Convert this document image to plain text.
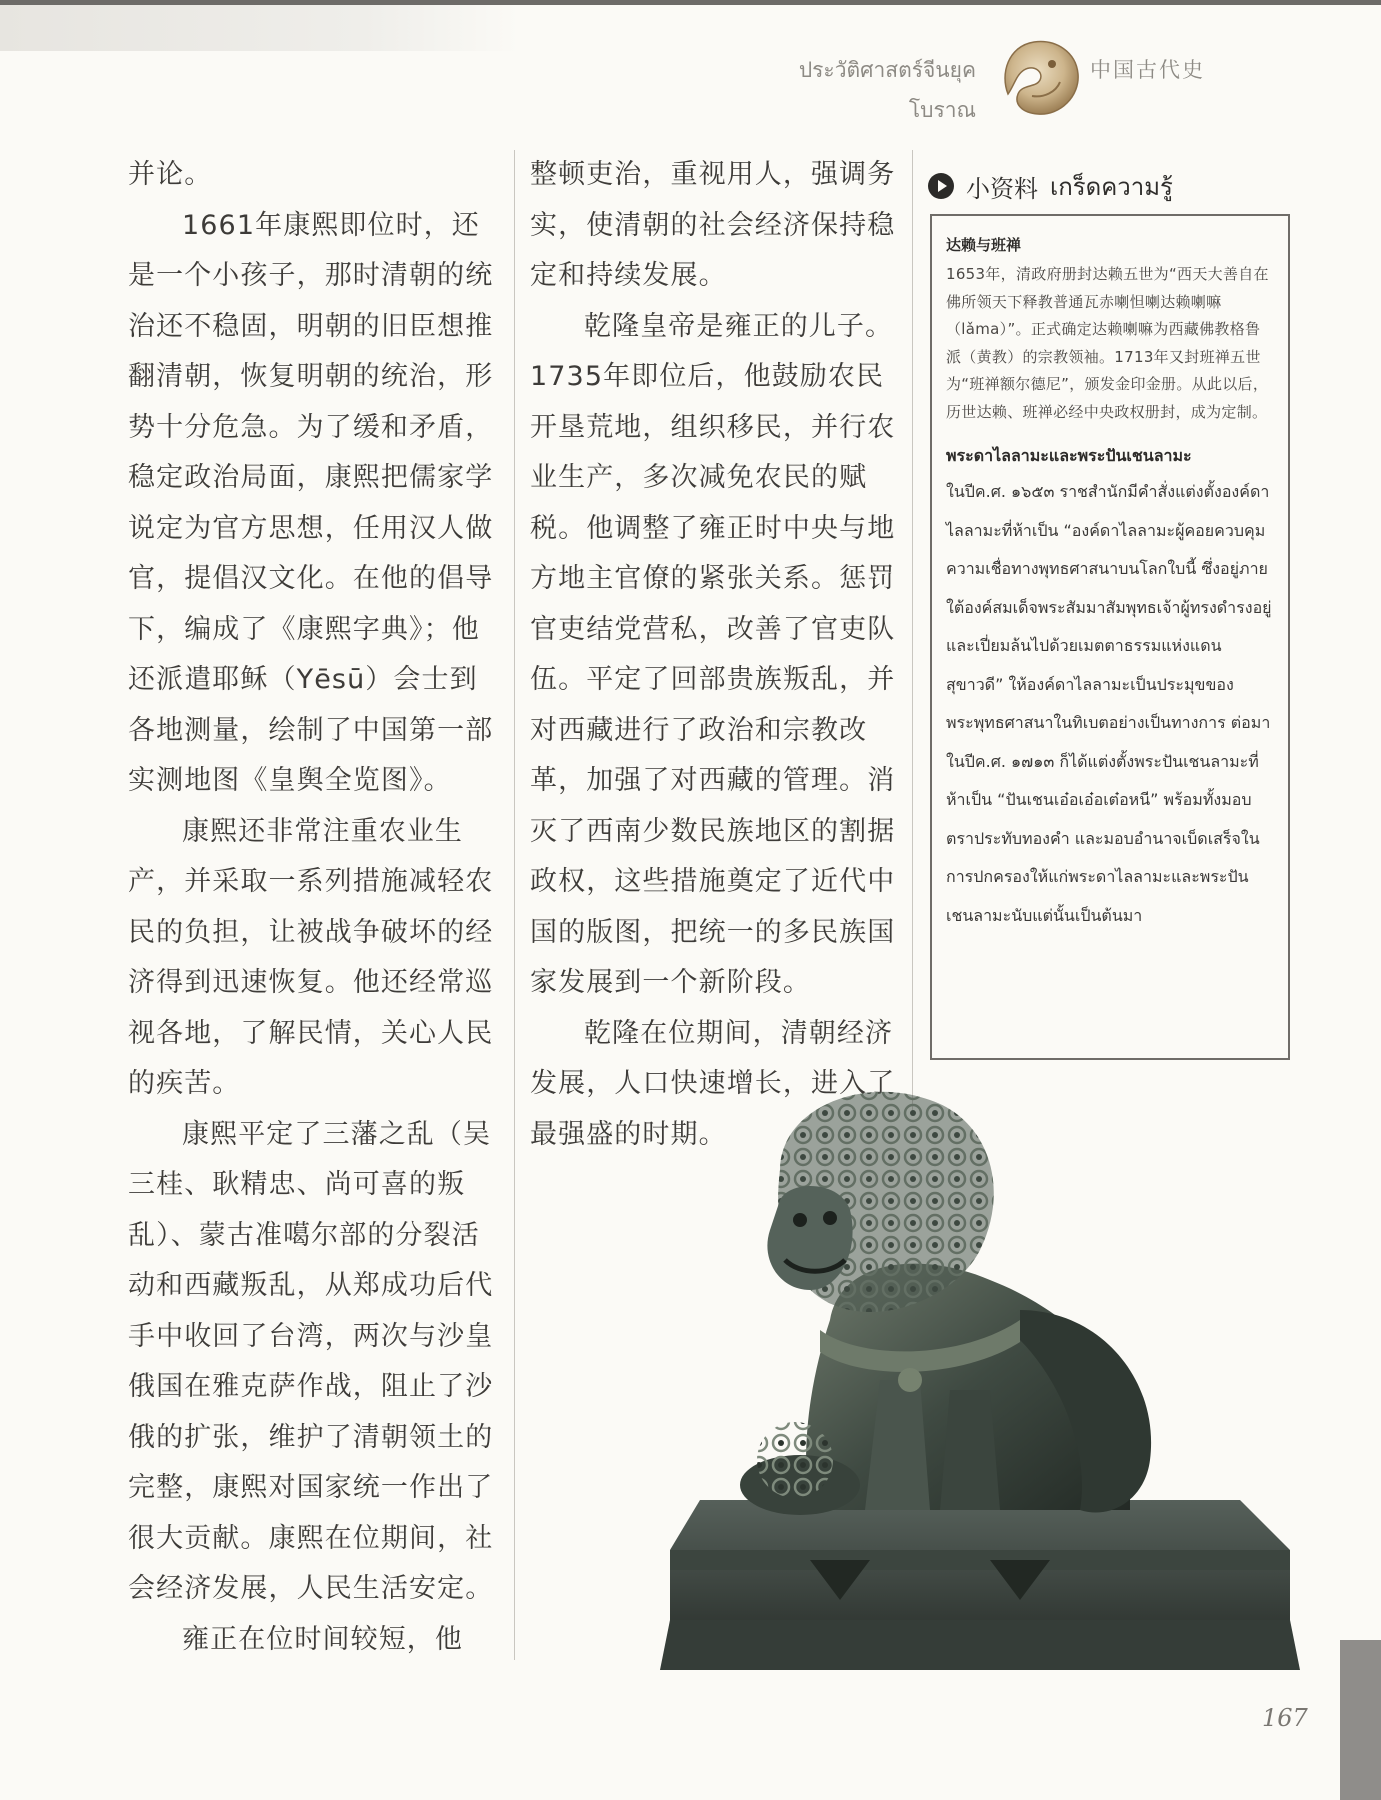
ประวัติศาสตร์จีนยุคโบราณ
中国古代史

并论。

1661年康熙即位时，还是一个小孩子，那时清朝的统治还不稳固，明朝的旧臣想推翻清朝，恢复明朝的统治，形势十分危急。为了缓和矛盾，稳定政治局面，康熙把儒家学说定为官方思想，任用汉人做官，提倡汉文化。在他的倡导下，编成了《康熙字典》；他还派遣耶稣（Yēsū）会士到各地测量，绘制了中国第一部实测地图《皇舆全览图》。

康熙还非常注重农业生产，并采取一系列措施减轻农民的负担，让被战争破坏的经济得到迅速恢复。他还经常巡视各地，了解民情，关心人民的疾苦。

康熙平定了三藩之乱（吴三桂、耿精忠、尚可喜的叛乱）、蒙古准噶尔部的分裂活动和西藏叛乱，从郑成功后代手中收回了台湾，两次与沙皇俄国在雅克萨作战，阻止了沙俄的扩张，维护了清朝领土的完整，康熙对国家统一作出了很大贡献。康熙在位期间，社会经济发展，人民生活安定。

雍正在位时间较短，他

整顿吏治，重视用人，强调务实，使清朝的社会经济保持稳定和持续发展。

乾隆皇帝是雍正的儿子。1735年即位后，他鼓励农民开垦荒地，组织移民，并行农业生产，多次减免农民的赋税。他调整了雍正时中央与地方地主官僚的紧张关系。惩罚官吏结党营私，改善了官吏队伍。平定了回部贵族叛乱，并对西藏进行了政治和宗教改革，加强了对西藏的管理。消灭了西南少数民族地区的割据政权，这些措施奠定了近代中国的版图，把统一的多民族国家发展到一个新阶段。

乾隆在位期间，清朝经济发展，人口快速增长，进入了最强盛的时期。

小资料 เกร็ดความรู้

达赖与班禅

1653年，清政府册封达赖五世为“西天大善自在佛所领天下释教普通瓦赤喇怛喇达赖喇嘛（lǎma）”。正式确定达赖喇嘛为西藏佛教格鲁派（黄教）的宗教领袖。1713年又封班禅五世为“班禅额尔德尼”，颁发金印金册。从此以后，历世达赖、班禅必经中央政权册封，成为定制。

พระดาไลลามะและพระปันเชนลามะ

ในปีค.ศ. ๑๖๕๓ ราชสำนักมีคำสั่งแต่งตั้งองค์ดาไลลามะที่ห้าเป็น “องค์ดาไลลามะผู้คอยควบคุมความเชื่อทางพุทธศาสนาบนโลกใบนี้ ซึ่งอยู่ภายใต้องค์สมเด็จพระสัมมาสัมพุทธเจ้าผู้ทรงดำรงอยู่และเปี่ยมล้นไปด้วยเมตตาธรรมแห่งแดนสุขาวดี” ให้องค์ดาไลลามะเป็นประมุขของพระพุทธศาสนาในทิเบตอย่างเป็นทางการ ต่อมาในปีค.ศ. ๑๗๑๓ ก็ได้แต่งตั้งพระปันเชนลามะที่ห้าเป็น “ปันเชนเอ๋อเอ๋อเต๋อหนี” พร้อมทั้งมอบตราประทับทองคำ และมอบอำนาจเบ็ดเสร็จในการปกครองให้แก่พระดาไลลามะและพระปันเชนลามะนับแต่นั้นเป็นต้นมา

167
